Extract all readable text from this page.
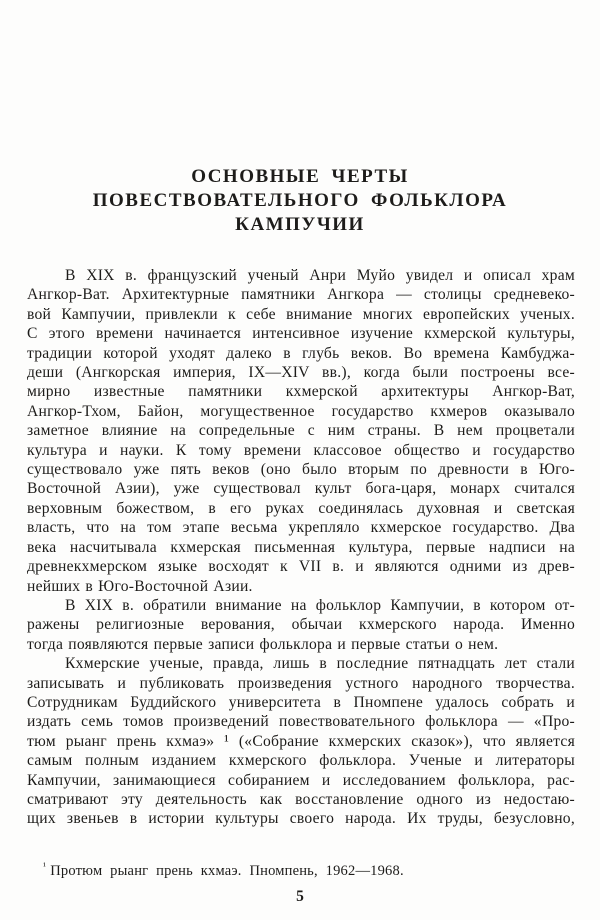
ОСНОВНЫЕ ЧЕРТЫ
ПОВЕСТВОВАТЕЛЬНОГО ФОЛЬКЛОРА
КАМПУЧИИ
В XIX в. французский ученый Анри Муйо увидел и описал храм
Ангкор-Ват. Архитектурные памятники Ангкора — столицы средневеко-
вой Кампучии, привлекли к себе внимание многих европейских ученых.
С этого времени начинается интенсивное изучение кхмерской культуры,
традиции которой уходят далеко в глубь веков. Во времена Камбуджа-
деши (Ангкорская империя, IX—XIV вв.), когда были построены все-
мирно известные памятники кхмерской архитектуры Ангкор-Ват,
Ангкор-Тхом, Байон, могущественное государство кхмеров оказывало
заметное влияние на сопредельные с ним страны. В нем процветали
культура и науки. К тому времени классовое общество и государство
существовало уже пять веков (оно было вторым по древности в Юго-
Восточной Азии), уже существовал культ бога-царя, монарх считался
верховным божеством, в его руках соединялась духовная и светская
власть, что на том этапе весьма укрепляло кхмерское государство. Два
века насчитывала кхмерская письменная культура, первые надписи на
древнекхмерском языке восходят к VII в. и являются одними из древ-
нейших в Юго-Восточной Азии.
В XIX в. обратили внимание на фольклор Кампучии, в котором от-
ражены религиозные верования, обычаи кхмерского народа. Именно
тогда появляются первые записи фольклора и первые статьи о нем.
Кхмерские ученые, правда, лишь в последние пятнадцать лет стали
записывать и публиковать произведения устного народного творчества.
Сотрудникам Буддийского университета в Пномпене удалось собрать и
издать семь томов произведений повествовательного фольклора — «Про-
тюм рыанг прень кхмаэ» ¹ («Собрание кхмерских сказок»), что является
самым полным изданием кхмерского фольклора. Ученые и литераторы
Кампучии, занимающиеся собиранием и исследованием фольклора, рас-
сматривают эту деятельность как восстановление одного из недостаю-
щих звеньев в истории культуры своего народа. Их труды, безусловно,
$^{^1}$ Протюм рыанг прень кхмаэ. Пномпень, 1962—1968.
5
